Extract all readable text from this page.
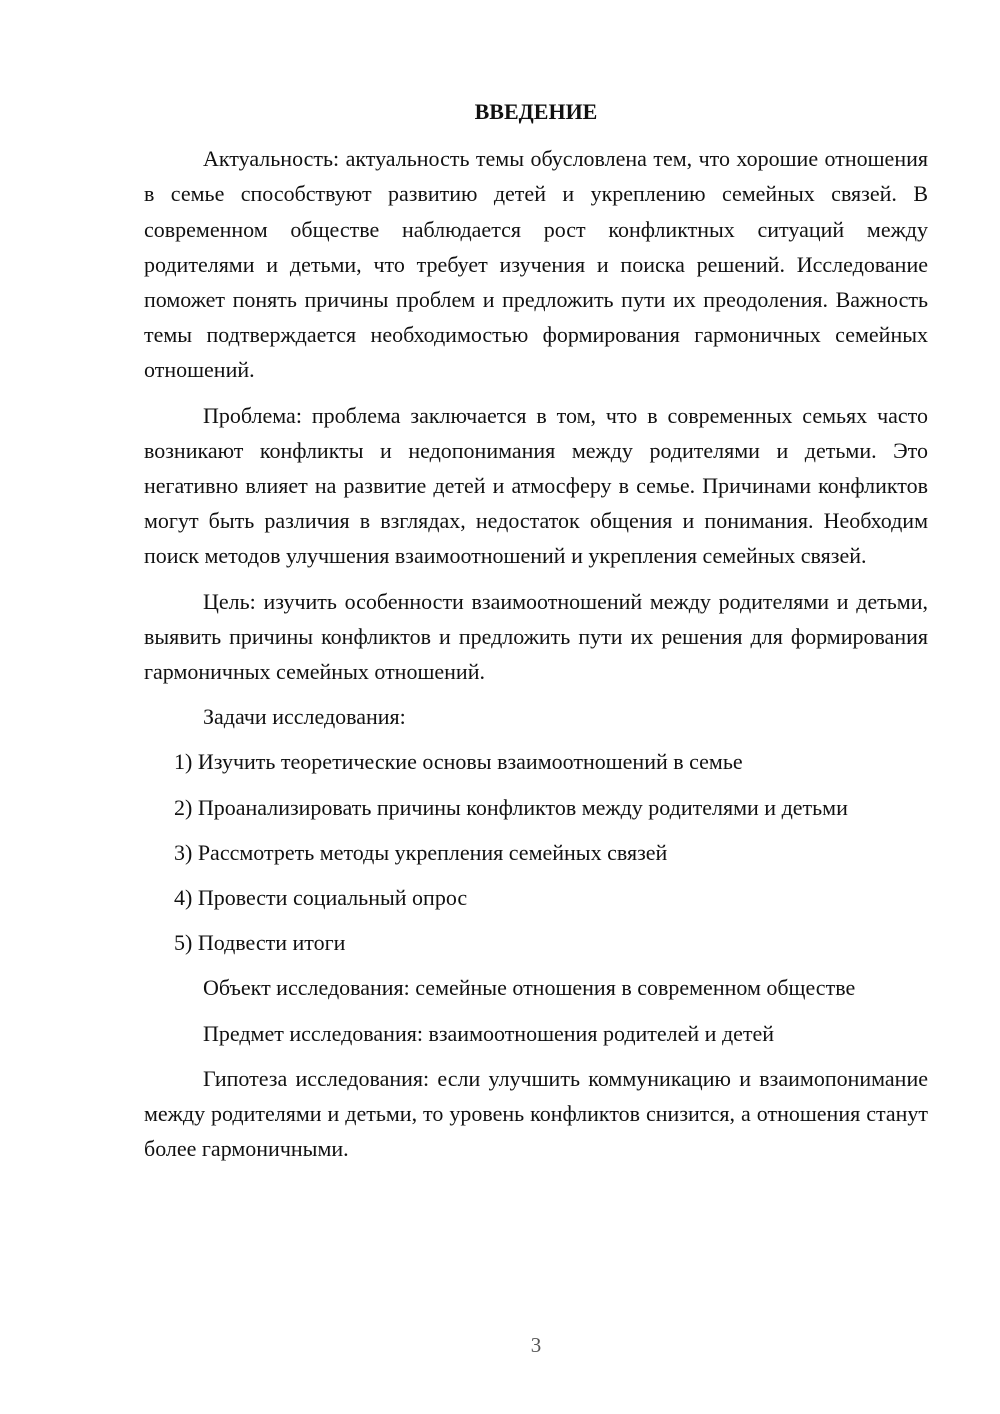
ВВЕДЕНИЕ

Актуальность: актуальность темы обусловлена тем, что хорошие отношения в семье способствуют развитию детей и укреплению семейных связей. В современном обществе наблюдается рост конфликтных ситуаций между родителями и детьми, что требует изучения и поиска решений. Исследование поможет понять причины проблем и предложить пути их преодоления. Важность темы подтверждается необходимостью формирования гармоничных семейных отношений.

Проблема: проблема заключается в том, что в современных семьях часто возникают конфликты и недопонимания между родителями и детьми. Это негативно влияет на развитие детей и атмосферу в семье. Причинами конфликтов могут быть различия в взглядах, недостаток общения и понимания. Необходим поиск методов улучшения взаимоотношений и укрепления семейных связей.

Цель: изучить особенности взаимоотношений между родителями и детьми, выявить причины конфликтов и предложить пути их решения для формирования гармоничных семейных отношений.

Задачи исследования:

1) Изучить теоретические основы взаимоотношений в семье

2) Проанализировать причины конфликтов между родителями и детьми

3) Рассмотреть методы укрепления семейных связей

4) Провести социальный опрос

5) Подвести итоги

Объект исследования: семейные отношения в современном обществе

Предмет исследования: взаимоотношения родителей и детей

Гипотеза исследования: если улучшить коммуникацию и взаимопонимание между родителями и детьми, то уровень конфликтов снизится, а отношения станут более гармоничными.

3
